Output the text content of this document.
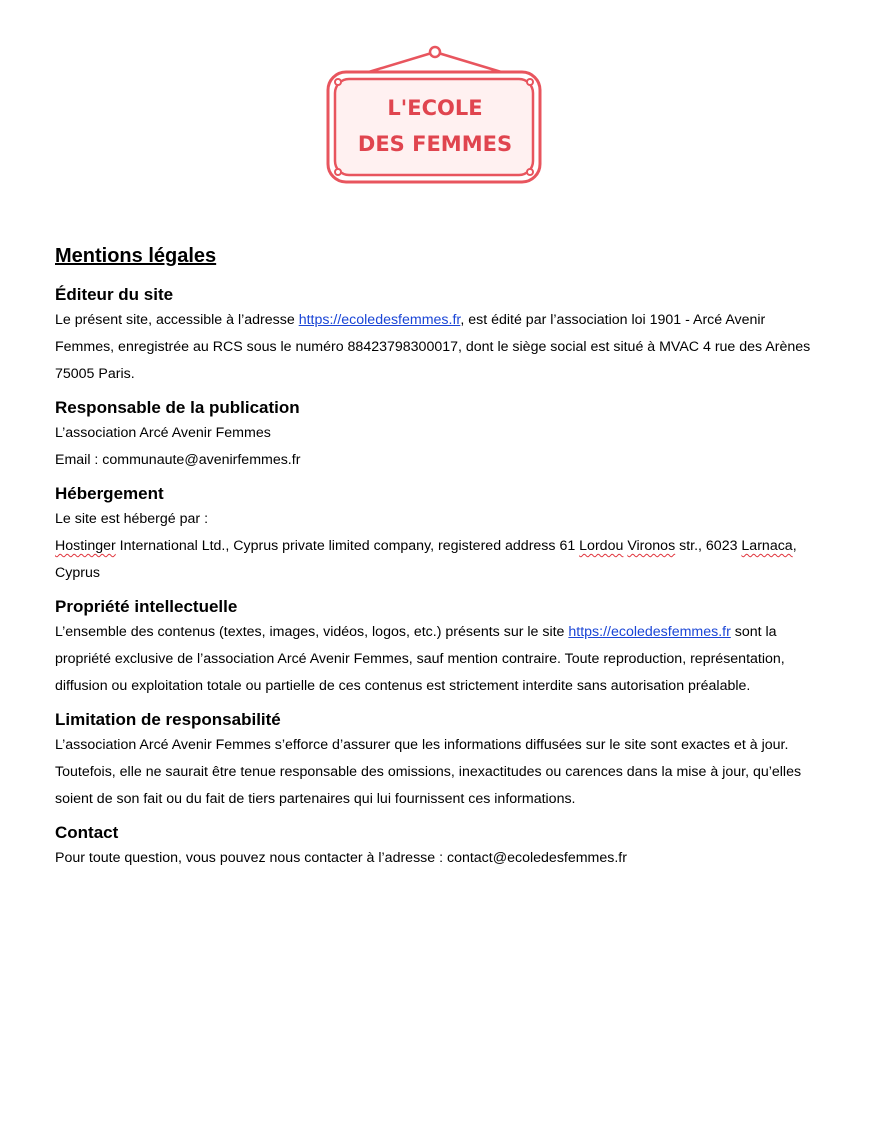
L'ECOLE
DES FEMMES
Mentions légales
Éditeur du site

Le présent site, accessible à l’adresse https://ecoledesfemmes.fr, est édité par l’association loi 1901 - Arcé Avenir Femmes, enregistrée au RCS sous le numéro 88423798300017, dont le siège social est situé à MVAC 4 rue des Arènes 75005 Paris.

Responsable de la publication

L’association Arcé Avenir Femmes

Email : communaute@avenirfemmes.fr

Hébergement

Le site est hébergé par :

Hostinger International Ltd., Cyprus private limited company, registered address 61 Lordou Vironos str., 6023 Larnaca, Cyprus

Propriété intellectuelle

L’ensemble des contenus (textes, images, vidéos, logos, etc.) présents sur le site https://ecoledesfemmes.fr sont la propriété exclusive de l’association Arcé Avenir Femmes, sauf mention contraire. Toute reproduction, représentation, diffusion ou exploitation totale ou partielle de ces contenus est strictement interdite sans autorisation préalable.

Limitation de responsabilité

L’association Arcé Avenir Femmes s’efforce d’assurer que les informations diffusées sur le site sont exactes et à jour. Toutefois, elle ne saurait être tenue responsable des omissions, inexactitudes ou carences dans la mise à jour, qu’elles soient de son fait ou du fait de tiers partenaires qui lui fournissent ces informations.

Contact

Pour toute question, vous pouvez nous contacter à l’adresse : contact@ecoledesfemmes.fr
